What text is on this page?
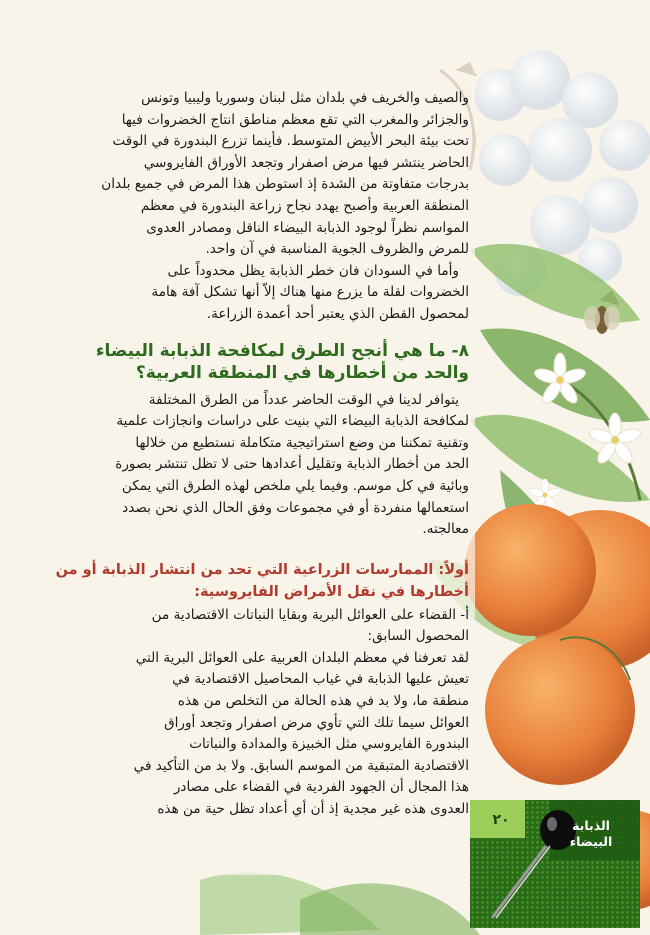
والصيف والخريف في بلدان مثل لبنان وسوريا وليبيا وتونس

والجزائر والمغرب التي تقع معظم مناطق انتاج الخضروات فيها

تحت بيئة البحر الأبيض المتوسط. فأينما تزرع البندورة في الوقت

الحاضر ينتشر فيها مرض اصفرار وتجعد الأوراق الفايروسي

بدرجات متفاوتة من الشدة إذ استوطن هذا المرض في جميع بلدان

المنطقة العربية وأصبح يهدد نجاح زراعة البندورة في معظم

المواسم نظراً لوجود الذبابة البيضاء الناقل ومصادر العدوى

للمرض والظروف الجوية المناسبة في آن واحد.

وأما في السودان فان خطر الذبابة يظل محدوداً على

الخضروات لقلة ما يزرع منها هناك إلاّ أنها تشكل آفة هامة

لمحصول القطن الذي يعتبر أحد أعمدة الزراعة.

٨- ما هي أنجح الطرق لمكافحة الذبابة البيضاء
والحد من أخطارها في المنطقة العربية؟

يتوافر لدينا في الوقت الحاضر عدداً من الطرق المختلفة

لمكافحة الذبابة البيضاء التي بنيت على دراسات وانجازات علمية

وتقنية تمكننا من وضع استراتيجية متكاملة نستطيع من خلالها

الحد من أخطار الذبابة وتقليل أعدادها حتى لا تظل تنتشر بصورة

وبائية في كل موسم. وفيما يلي ملخص لهذه الطرق التي يمكن

استعمالها منفردة أو في مجموعات وفق الحال الذي نحن بصدد

معالجته.

أولاً: الممارسات الزراعية التي تحد من انتشار الذبابة أو من
أخطارها في نقل الأمراض الفايروسية:

أ- القضاء على العوائل البرية وبقايا النباتات الاقتصادية من

المحصول السابق:

لقد تعرفنا في معظم البلدان العربية على العوائل البرية التي

تعيش عليها الذبابة في غياب المحاصيل الاقتصادية في

منطقة ما، ولا بد في هذه الحالة من التخلص من هذه

العوائل سيما تلك التي تأوي مرض اصفرار وتجعد أوراق

البندورة الفايروسي مثل الخبيزة والمدادة والنباتات

الاقتصادية المتبقية من الموسم السابق. ولا بد من التأكيد في

هذا المجال أن الجهود الفردية في القضاء على مصادر

العدوى هذه غير مجدية إذ أن أي أعداد تظل حية من هذه

٢٠	الذبابة
البيضاء
